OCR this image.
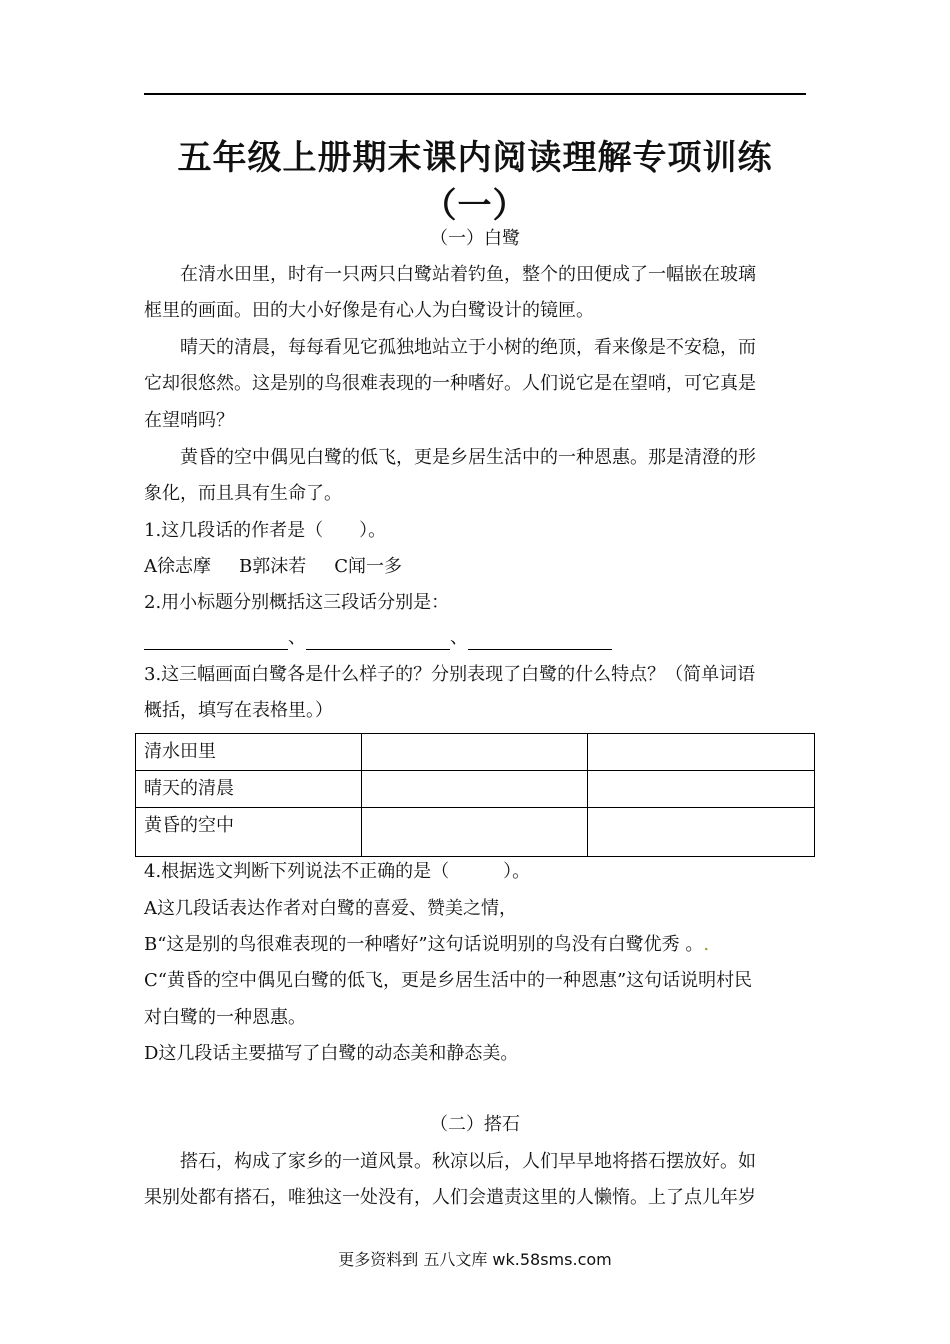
五年级上册期末课内阅读理解专项训练
（一）
（一）白鹭
在清水田里，时有一只两只白鹭站着钓鱼，整个的田便成了一幅嵌在玻璃
框里的画面。田的大小好像是有心人为白鹭设计的镜匣。
晴天的清晨，每每看见它孤独地站立于小树的绝顶，看来像是不安稳，而
它却很悠然。这是别的鸟很难表现的一种嗜好。人们说它是在望哨，可它真是
在望哨吗？
黄昏的空中偶见白鹭的低飞，更是乡居生活中的一种恩惠。那是清澄的形
象化，而且具有生命了。
1.这几段话的作者是（　　）。
A徐志摩 B郭沫若 C闻一多
2.用小标题分别概括这三段话分别是：
、	、
3.这三幅画面白鹭各是什么样子的？分别表现了白鹭的什么特点？（简单词语
概括，填写在表格里。）
清水田里		
晴天的清晨		
黄昏的空中		
4.根据选文判断下列说法不正确的是（　　　）。
A这几段话表达作者对白鹭的喜爱、赞美之情，
B“这是别的鸟很难表现的一种嗜好”这句话说明别的鸟没有白鹭优秀 。.
C“黄昏的空中偶见白鹭的低飞，更是乡居生活中的一种恩惠”这句话说明村民
对白鹭的一种恩惠。
D这几段话主要描写了白鹭的动态美和静态美。
（二）搭石
搭石，构成了家乡的一道风景。秋凉以后，人们早早地将搭石摆放好。如
果别处都有搭石，唯独这一处没有，人们会遣责这里的人懒惰。上了点儿年岁
更多资料到 五八文库 wk.58sms.com
